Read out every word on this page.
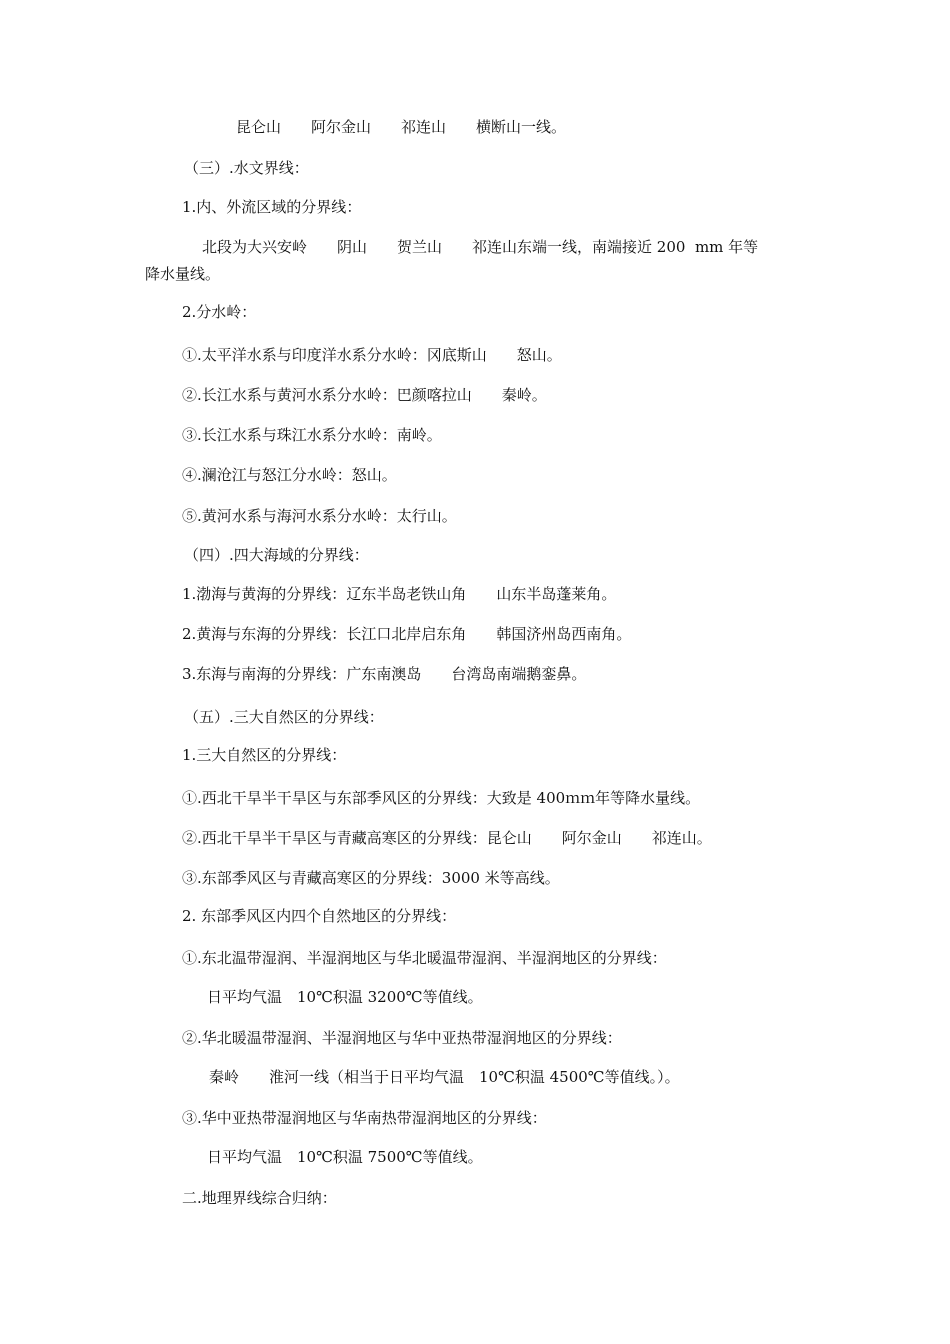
昆仑山　　阿尔金山　　祁连山　　横断山一线。

（三）.水文界线：

1.内、外流区域的分界线：

北段为大兴安岭　　阴山　　贺兰山　　祁连山东端一线，南端接近 200  mm 年等

降水量线。

2.分水岭：

①.太平洋水系与印度洋水系分水岭：冈底斯山　　怒山。

②.长江水系与黄河水系分水岭：巴颜喀拉山　　秦岭。

③.长江水系与珠江水系分水岭：南岭。

④.澜沧江与怒江分水岭：怒山。

⑤.黄河水系与海河水系分水岭：太行山。

（四）.四大海域的分界线：

1.渤海与黄海的分界线：辽东半岛老铁山角　　山东半岛蓬莱角。

2.黄海与东海的分界线：长江口北岸启东角　　韩国济州岛西南角。

3.东海与南海的分界线：广东南澳岛　　台湾岛南端鹅銮鼻。

（五）.三大自然区的分界线：

1.三大自然区的分界线：

①.西北干旱半干旱区与东部季风区的分界线：大致是 400ｍｍ年等降水量线。

②.西北干旱半干旱区与青藏高寒区的分界线：昆仑山　　阿尔金山　　祁连山。

③.东部季风区与青藏高寒区的分界线：3000 米等高线。

2. 东部季风区内四个自然地区的分界线：

①.东北温带湿润、半湿润地区与华北暖温带湿润、半湿润地区的分界线：

日平均气温　10℃积温 3200℃等值线。

②.华北暖温带湿润、半湿润地区与华中亚热带湿润地区的分界线：

秦岭　　淮河一线（相当于日平均气温　10℃积温 4500℃等值线。）。

③.华中亚热带湿润地区与华南热带湿润地区的分界线：

日平均气温　10℃积温 7500℃等值线。

二.地理界线综合归纳：
